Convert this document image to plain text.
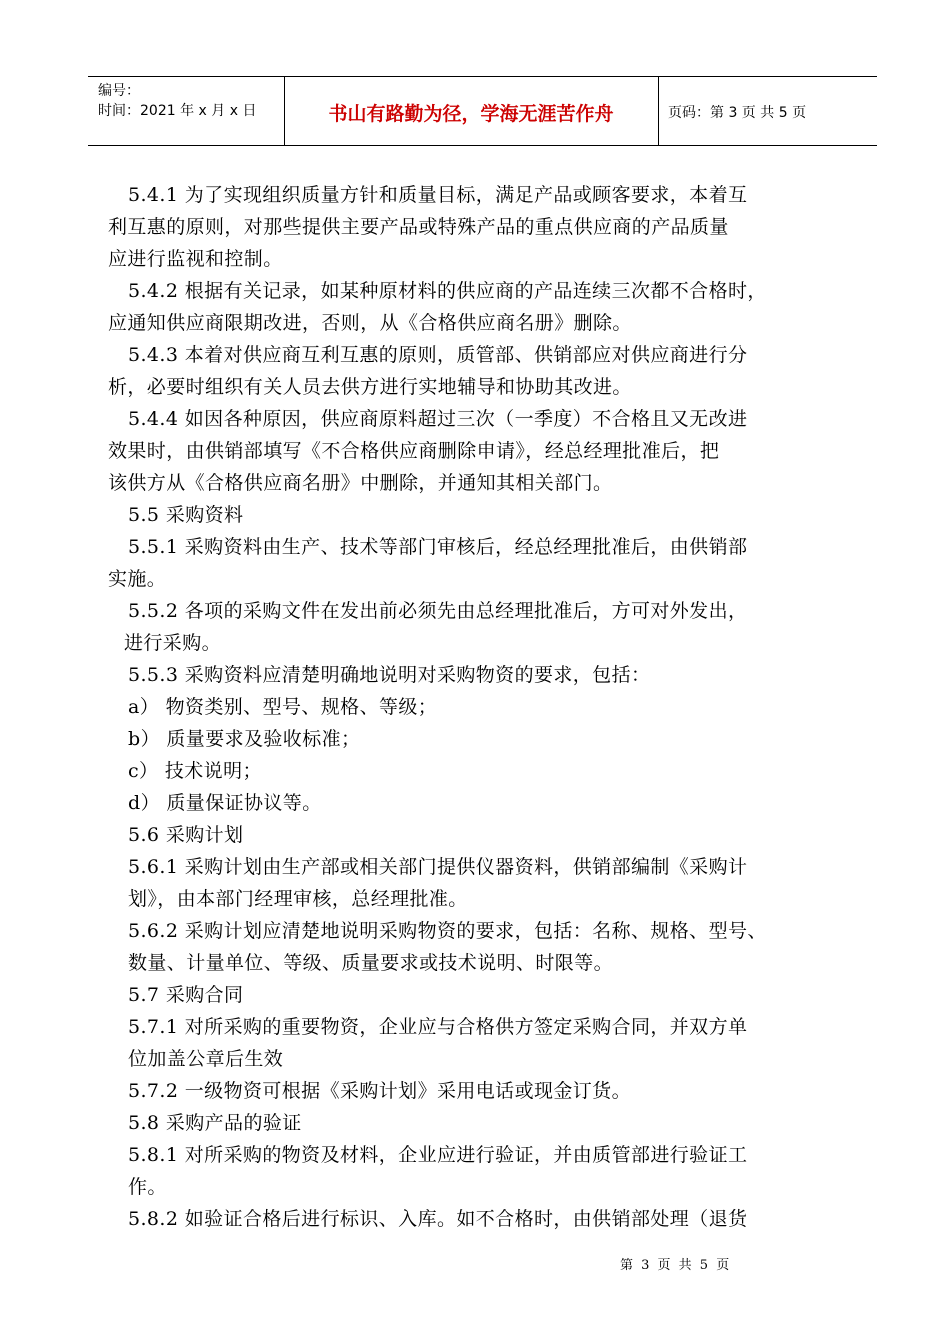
编号：
时间：2021 年 x 月 x 日	书山有路勤为径，学海无涯苦作舟	页码：第 3 页 共 5 页
5.4.1 为了实现组织质量方针和质量目标，满足产品或顾客要求，本着互
利互惠的原则，对那些提供主要产品或特殊产品的重点供应商的产品质量
应进行监视和控制。
5.4.2 根据有关记录，如某种原材料的供应商的产品连续三次都不合格时，
应通知供应商限期改进，否则，从《合格供应商名册》删除。
5.4.3 本着对供应商互利互惠的原则，质管部、供销部应对供应商进行分
析，必要时组织有关人员去供方进行实地辅导和协助其改进。
5.4.4 如因各种原因，供应商原料超过三次（一季度）不合格且又无改进
效果时，由供销部填写《不合格供应商删除申请》，经总经理批准后，把
该供方从《合格供应商名册》中删除，并通知其相关部门。
5.5 采购资料
5.5.1 采购资料由生产、技术等部门审核后，经总经理批准后，由供销部
实施。
5.5.2 各项的采购文件在发出前必须先由总经理批准后，方可对外发出，
进行采购。
5.5.3 采购资料应清楚明确地说明对采购物资的要求，包括：
a） 物资类别、型号、规格、等级；
b） 质量要求及验收标准；
c） 技术说明；
d） 质量保证协议等。
5.6 采购计划
5.6.1 采购计划由生产部或相关部门提供仪器资料，供销部编制《采购计
划》，由本部门经理审核，总经理批准。
5.6.2 采购计划应清楚地说明采购物资的要求，包括：名称、规格、型号、
数量、计量单位、等级、质量要求或技术说明、时限等。
5.7 采购合同
5.7.1 对所采购的重要物资，企业应与合格供方签定采购合同，并双方单
位加盖公章后生效
5.7.2 一级物资可根据《采购计划》采用电话或现金订货。
5.8 采购产品的验证
5.8.1 对所采购的物资及材料，企业应进行验证，并由质管部进行验证工
作。
5.8.2 如验证合格后进行标识、入库。如不合格时，由供销部处理（退货
第 3 页 共 5 页
